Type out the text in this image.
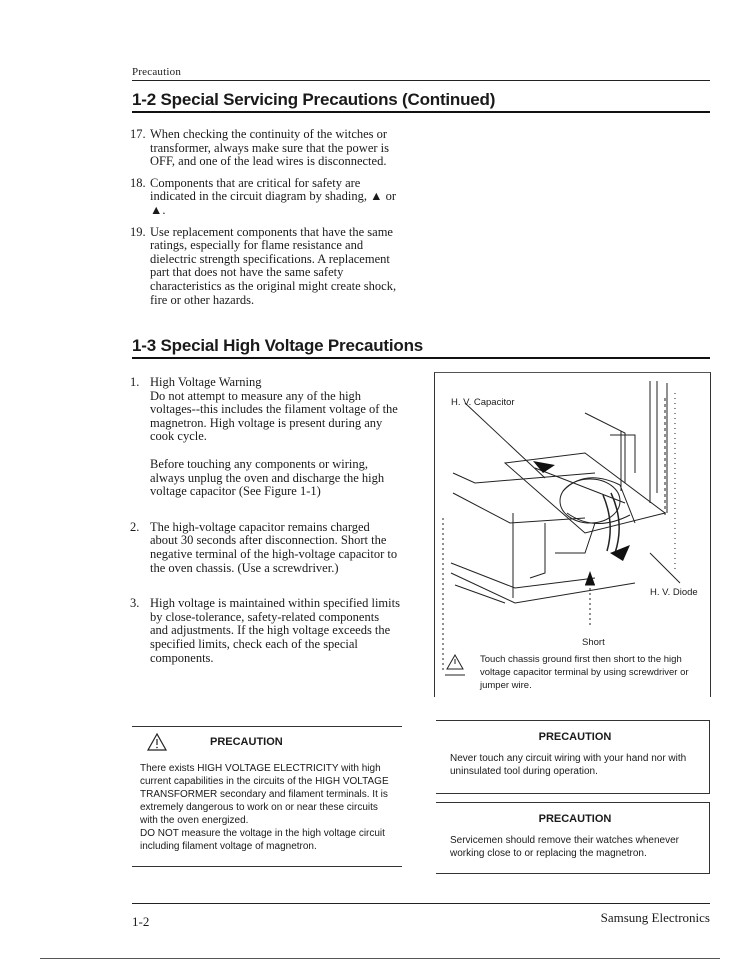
Precaution
1-2 Special Servicing Precautions (Continued)
17. When checking the continuity of the witches or transformer, always make sure that the power is OFF, and one of the lead wires is disconnected.
18. Components that are critical for safety are indicated in the circuit diagram by shading, ▲ or ▲.
19. Use replacement components that have the same ratings, especially for flame resistance and dielectric strength specifications. A replacement part that does not have the same safety characteristics as the original might create shock, fire or other hazards.
1-3 Special High Voltage Precautions
1. High Voltage Warning

Do not attempt to measure any of the high voltages--this includes the filament voltage of the magnetron. High voltage is present during any cook cycle.

Before touching any components or wiring, always unplug the oven and discharge the high voltage capacitor (See Figure 1-1)

2. The high-voltage capacitor remains charged about 30 seconds after disconnection. Short the negative terminal of the high-voltage capacitor to the oven chassis. (Use a screwdriver.)
3. High voltage is maintained within specified limits by close-tolerance, safety-related components and adjustments. If the high voltage exceeds the specified limits, check each of the special components.
H. V. Capacitor
H. V. Diode
Short
Touch chassis ground first then short to the high voltage capacitor terminal by using screwdriver or jumper wire.
PRECAUTION
There exists HIGH VOLTAGE ELECTRICITY with high current capabilities in the circuits of the HIGH VOLTAGE TRANSFORMER secondary and filament terminals. It is extremely dangerous to work on or near these circuits with the oven energized.
DO NOT measure the voltage in the high voltage circuit including filament voltage of magnetron.
PRECAUTION
Never touch any circuit wiring with your hand nor with uninsulated tool during operation.
PRECAUTION
Servicemen should remove their watches whenever working close to or replacing the magnetron.
1-2	Samsung Electronics
